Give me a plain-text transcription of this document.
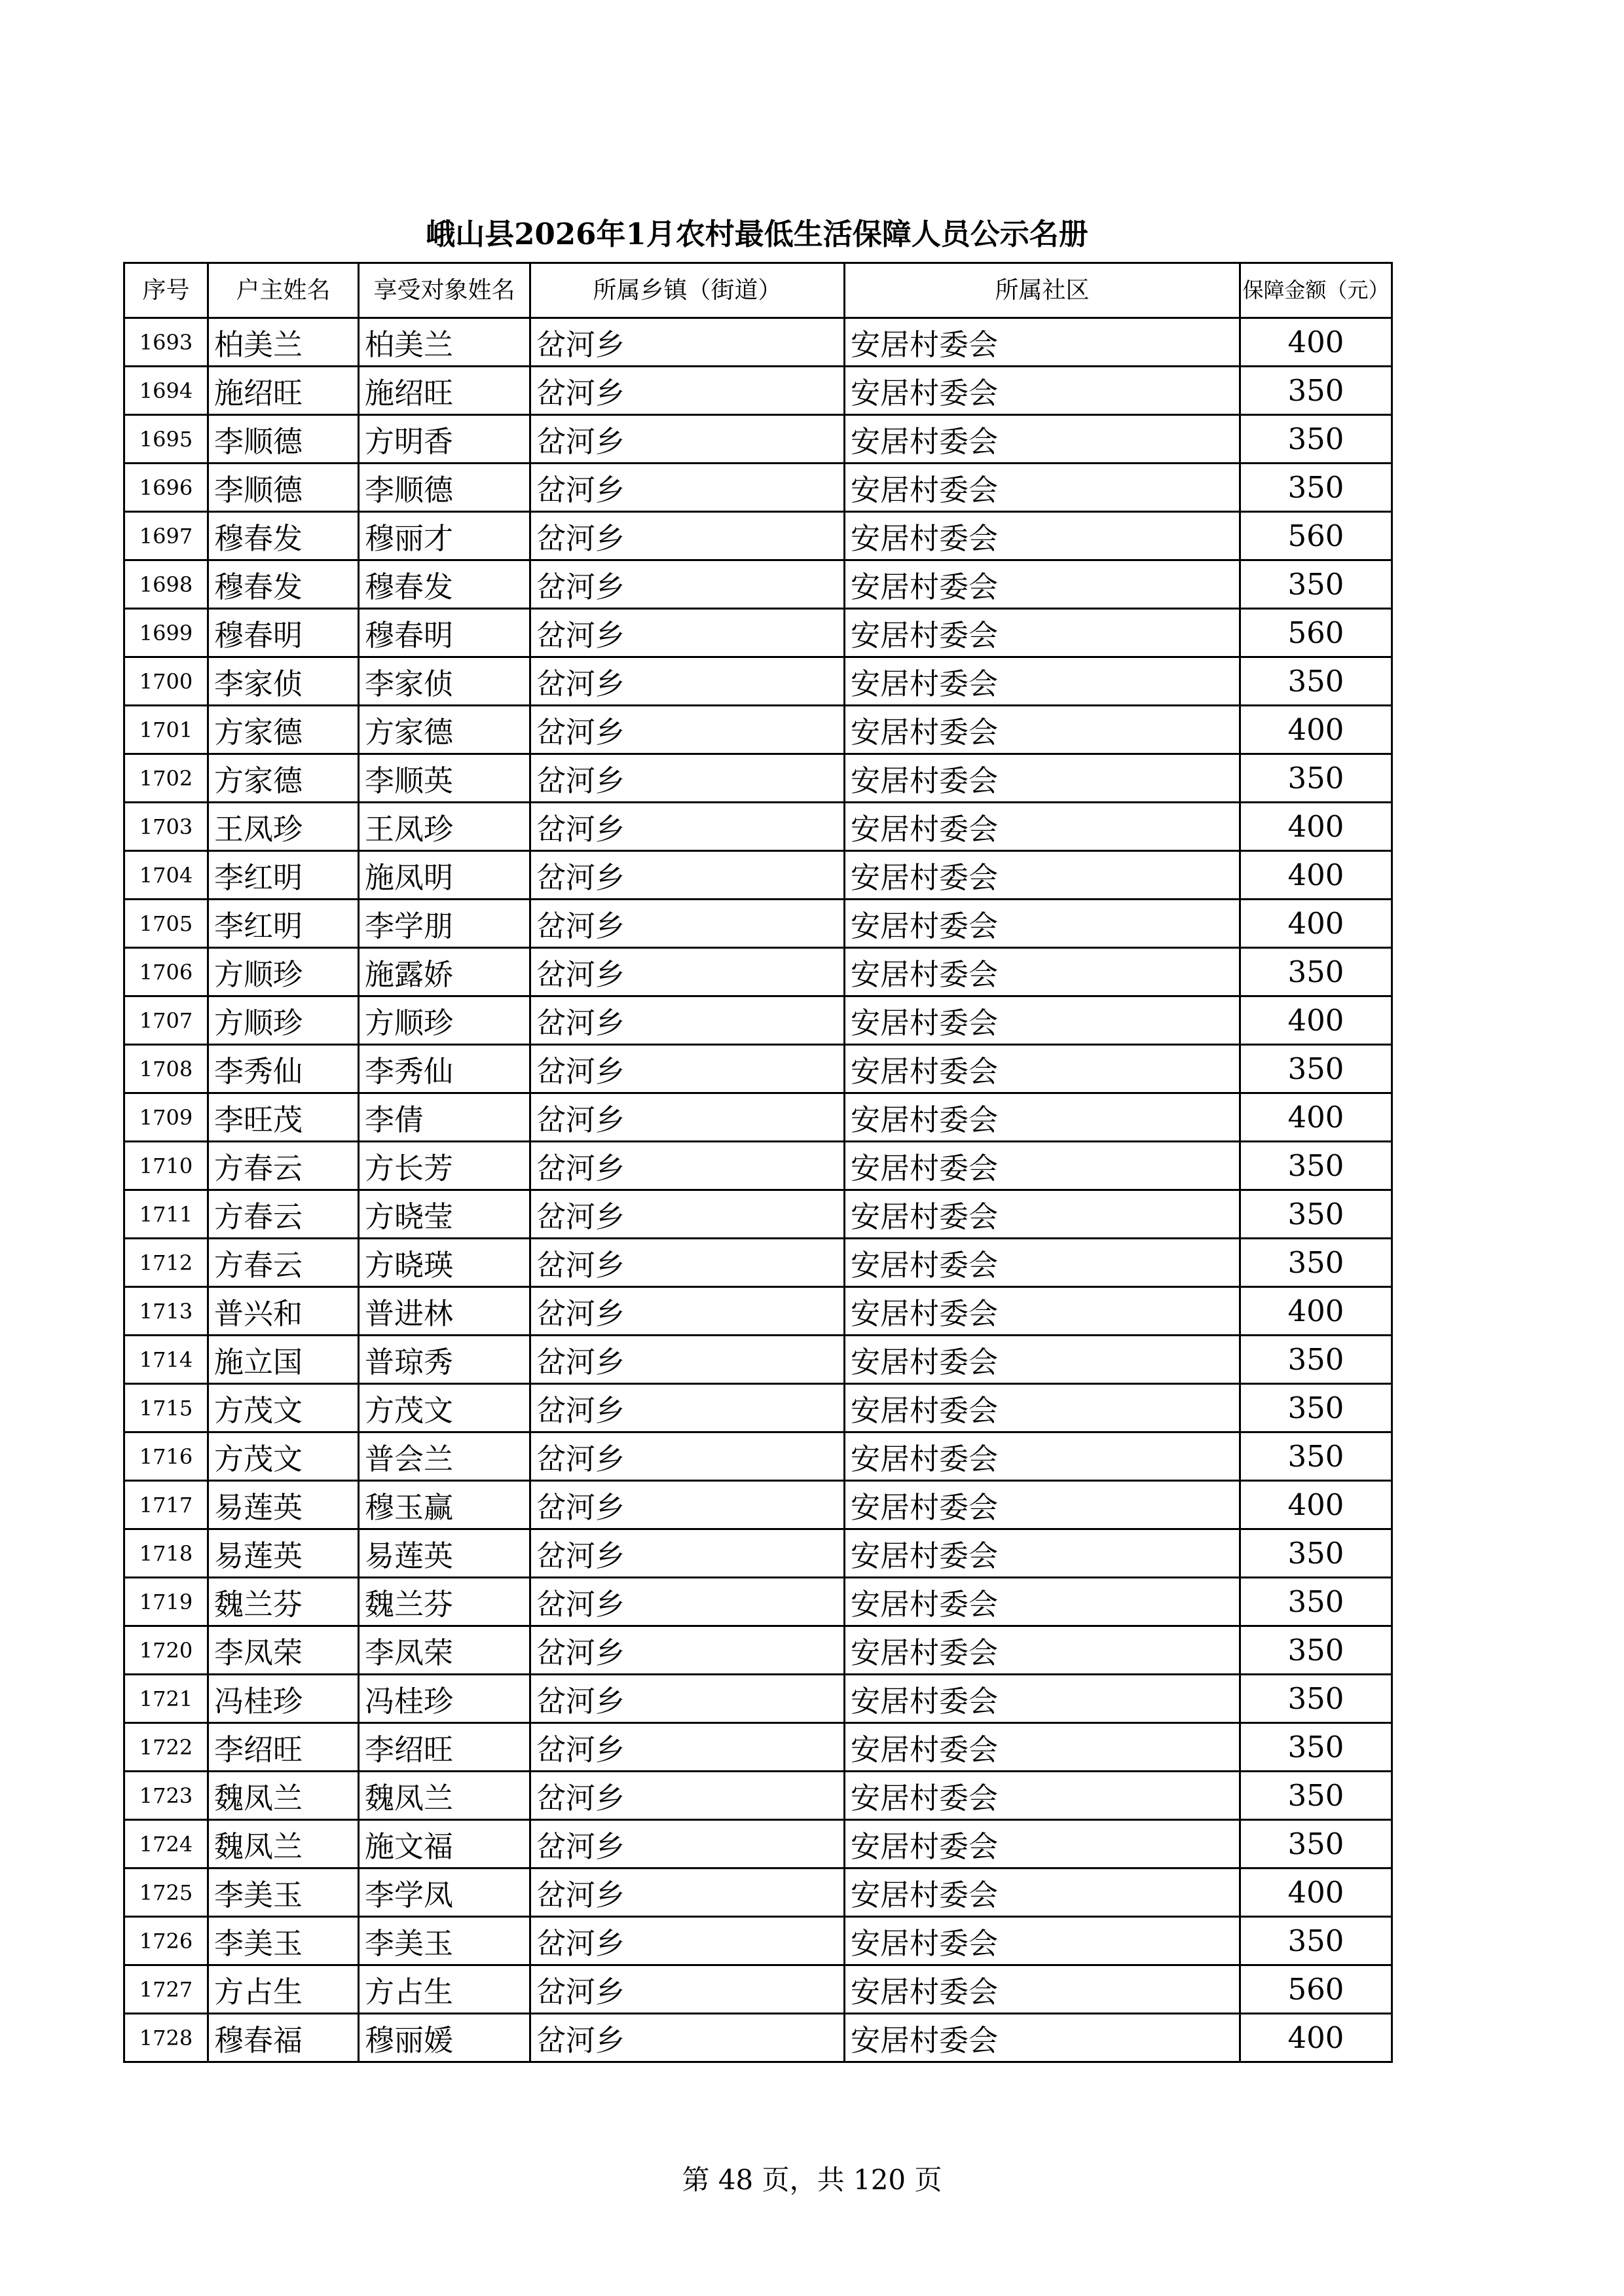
峨山县2026年1月农村最低生活保障人员公示名册
序号	户主姓名	享受对象姓名	所属乡镇（街道）	所属社区	保障金额（元）
1693	柏美兰	柏美兰	岔河乡	安居村委会	400
1694	施绍旺	施绍旺	岔河乡	安居村委会	350
1695	李顺德	方明香	岔河乡	安居村委会	350
1696	李顺德	李顺德	岔河乡	安居村委会	350
1697	穆春发	穆丽才	岔河乡	安居村委会	560
1698	穆春发	穆春发	岔河乡	安居村委会	350
1699	穆春明	穆春明	岔河乡	安居村委会	560
1700	李家侦	李家侦	岔河乡	安居村委会	350
1701	方家德	方家德	岔河乡	安居村委会	400
1702	方家德	李顺英	岔河乡	安居村委会	350
1703	王凤珍	王凤珍	岔河乡	安居村委会	400
1704	李红明	施凤明	岔河乡	安居村委会	400
1705	李红明	李学朋	岔河乡	安居村委会	400
1706	方顺珍	施露娇	岔河乡	安居村委会	350
1707	方顺珍	方顺珍	岔河乡	安居村委会	400
1708	李秀仙	李秀仙	岔河乡	安居村委会	350
1709	李旺茂	李倩	岔河乡	安居村委会	400
1710	方春云	方长芳	岔河乡	安居村委会	350
1711	方春云	方晓莹	岔河乡	安居村委会	350
1712	方春云	方晓瑛	岔河乡	安居村委会	350
1713	普兴和	普进林	岔河乡	安居村委会	400
1714	施立国	普琼秀	岔河乡	安居村委会	350
1715	方茂文	方茂文	岔河乡	安居村委会	350
1716	方茂文	普会兰	岔河乡	安居村委会	350
1717	易莲英	穆玉赢	岔河乡	安居村委会	400
1718	易莲英	易莲英	岔河乡	安居村委会	350
1719	魏兰芬	魏兰芬	岔河乡	安居村委会	350
1720	李凤荣	李凤荣	岔河乡	安居村委会	350
1721	冯桂珍	冯桂珍	岔河乡	安居村委会	350
1722	李绍旺	李绍旺	岔河乡	安居村委会	350
1723	魏凤兰	魏凤兰	岔河乡	安居村委会	350
1724	魏凤兰	施文福	岔河乡	安居村委会	350
1725	李美玉	李学凤	岔河乡	安居村委会	400
1726	李美玉	李美玉	岔河乡	安居村委会	350
1727	方占生	方占生	岔河乡	安居村委会	560
1728	穆春福	穆丽媛	岔河乡	安居村委会	400
第 48 页，共 120 页
